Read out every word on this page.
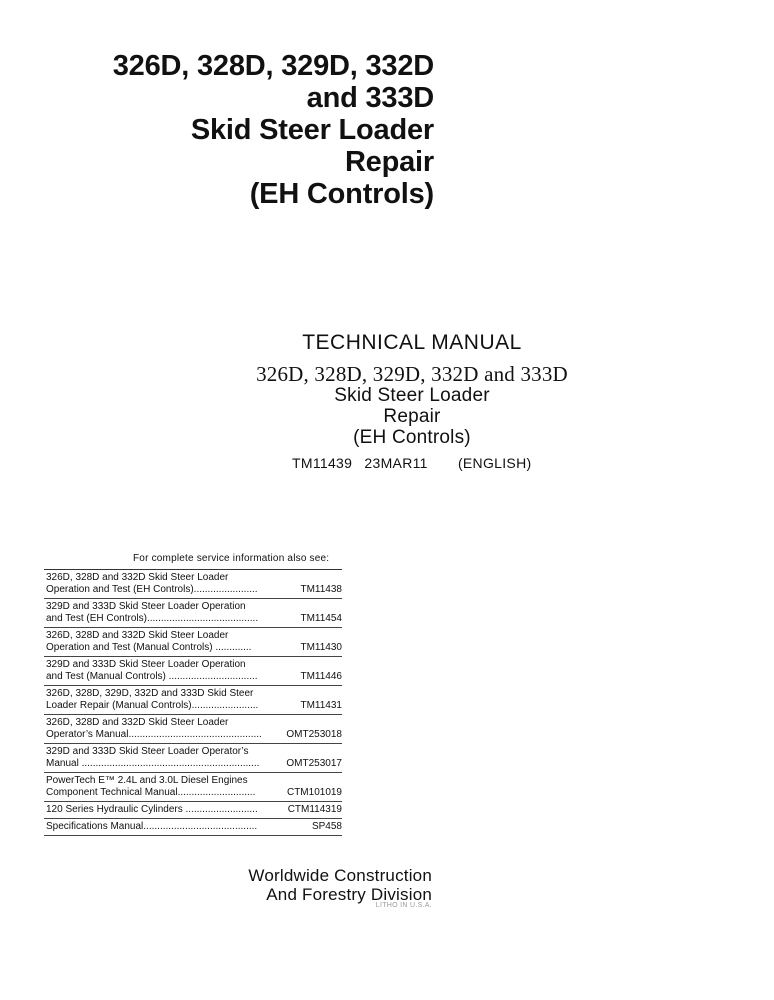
326D, 328D, 329D, 332D
and 333D
Skid Steer Loader
Repair
(EH Controls)
TECHNICAL MANUAL
326D, 328D, 329D, 332D and 333D
Skid Steer Loader
Repair
(EH Controls)
TM11439 23MAR11 (ENGLISH)
For complete service information also see:
326D, 328D and 332D Skid Steer Loader
Operation and Test (EH Controls).......................	TM11438
329D and 333D Skid Steer Loader Operation
and Test (EH Controls)........................................	TM11454
326D, 328D and 332D Skid Steer Loader
Operation and Test (Manual Controls) .............	TM11430
329D and 333D Skid Steer Loader Operation
and Test (Manual Controls) ................................	TM11446
326D, 328D, 329D, 332D and 333D Skid Steer
Loader Repair (Manual Controls)........................	TM11431
326D, 328D and 332D Skid Steer Loader
Operator’s Manual................................................	OMT253018
329D and 333D Skid Steer Loader Operator’s
Manual ................................................................	OMT253017
PowerTech E™ 2.4L and 3.0L Diesel Engines
Component Technical Manual............................	CTM101019
120 Series Hydraulic Cylinders ..........................	CTM114319
Specifications Manual.........................................	SP458
Worldwide Construction
And Forestry Division
LITHO IN U.S.A.
